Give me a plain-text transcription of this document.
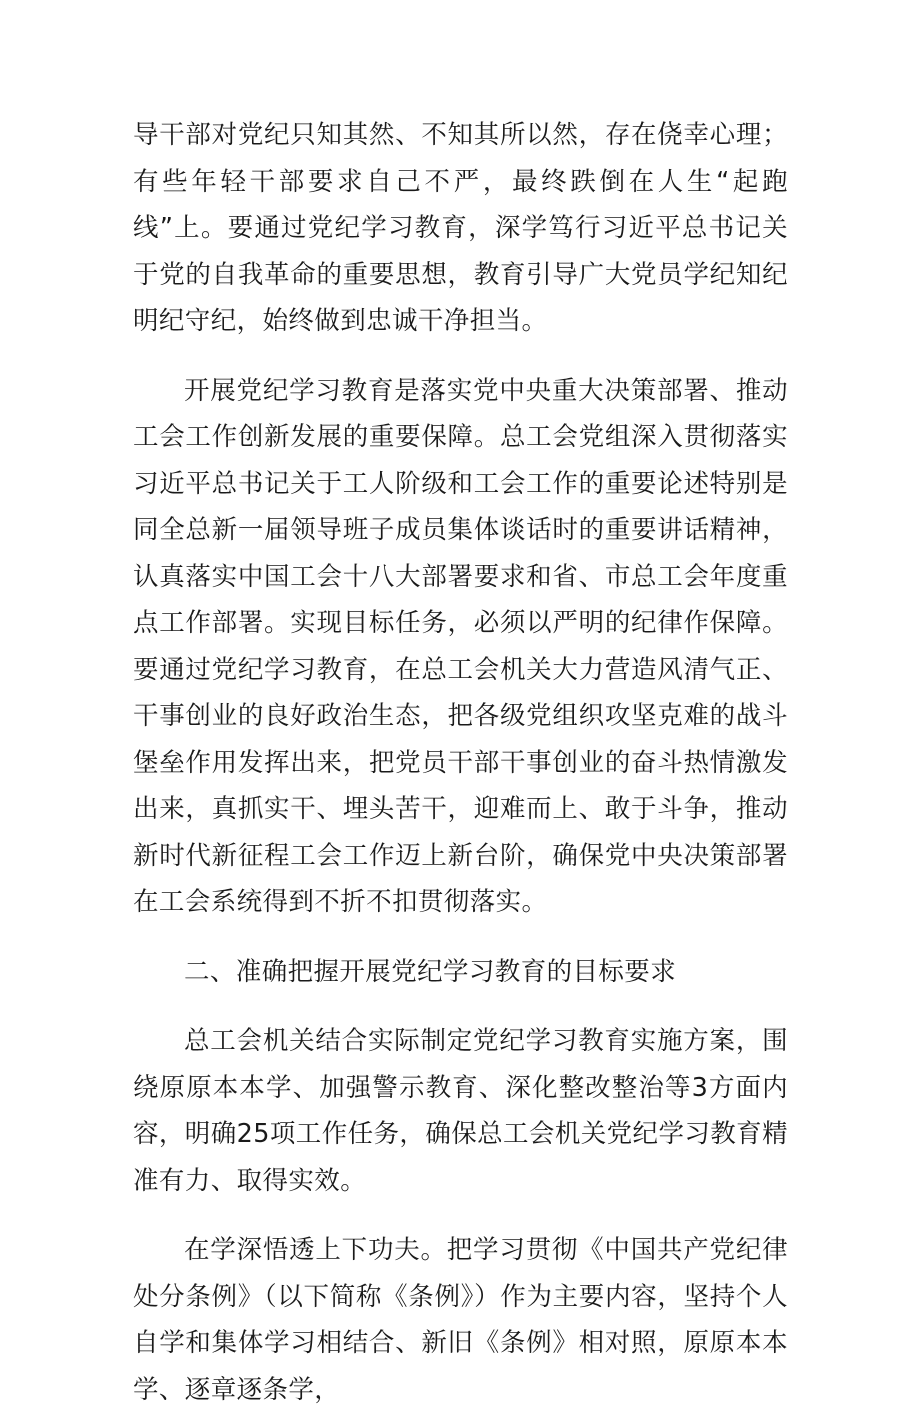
导干部对党纪只知其然、不知其所以然，存在侥幸心理；有些年轻干部要求自己不严，最终跌倒在人生“起跑线”上。要通过党纪学习教育，深学笃行习近平总书记关于党的自我革命的重要思想，教育引导广大党员学纪知纪明纪守纪，始终做到忠诚干净担当。

开展党纪学习教育是落实党中央重大决策部署、推动工会工作创新发展的重要保障。总工会党组深入贯彻落实习近平总书记关于工人阶级和工会工作的重要论述特别是同全总新一届领导班子成员集体谈话时的重要讲话精神，认真落实中国工会十八大部署要求和省、市总工会年度重点工作部署。实现目标任务，必须以严明的纪律作保障。要通过党纪学习教育，在总工会机关大力营造风清气正、干事创业的良好政治生态，把各级党组织攻坚克难的战斗堡垒作用发挥出来，把党员干部干事创业的奋斗热情激发出来，真抓实干、埋头苦干，迎难而上、敢于斗争，推动新时代新征程工会工作迈上新台阶，确保党中央决策部署在工会系统得到不折不扣贯彻落实。

二、准确把握开展党纪学习教育的目标要求

总工会机关结合实际制定党纪学习教育实施方案，围绕原原本本学、加强警示教育、深化整改整治等3方面内容，明确25项工作任务，确保总工会机关党纪学习教育精准有力、取得实效。

在学深悟透上下功夫。把学习贯彻《中国共产党纪律处分条例》（以下简称《条例》）作为主要内容，坚持个人自学和集体学习相结合、新旧《条例》相对照，原原本本学、逐章逐条学，
